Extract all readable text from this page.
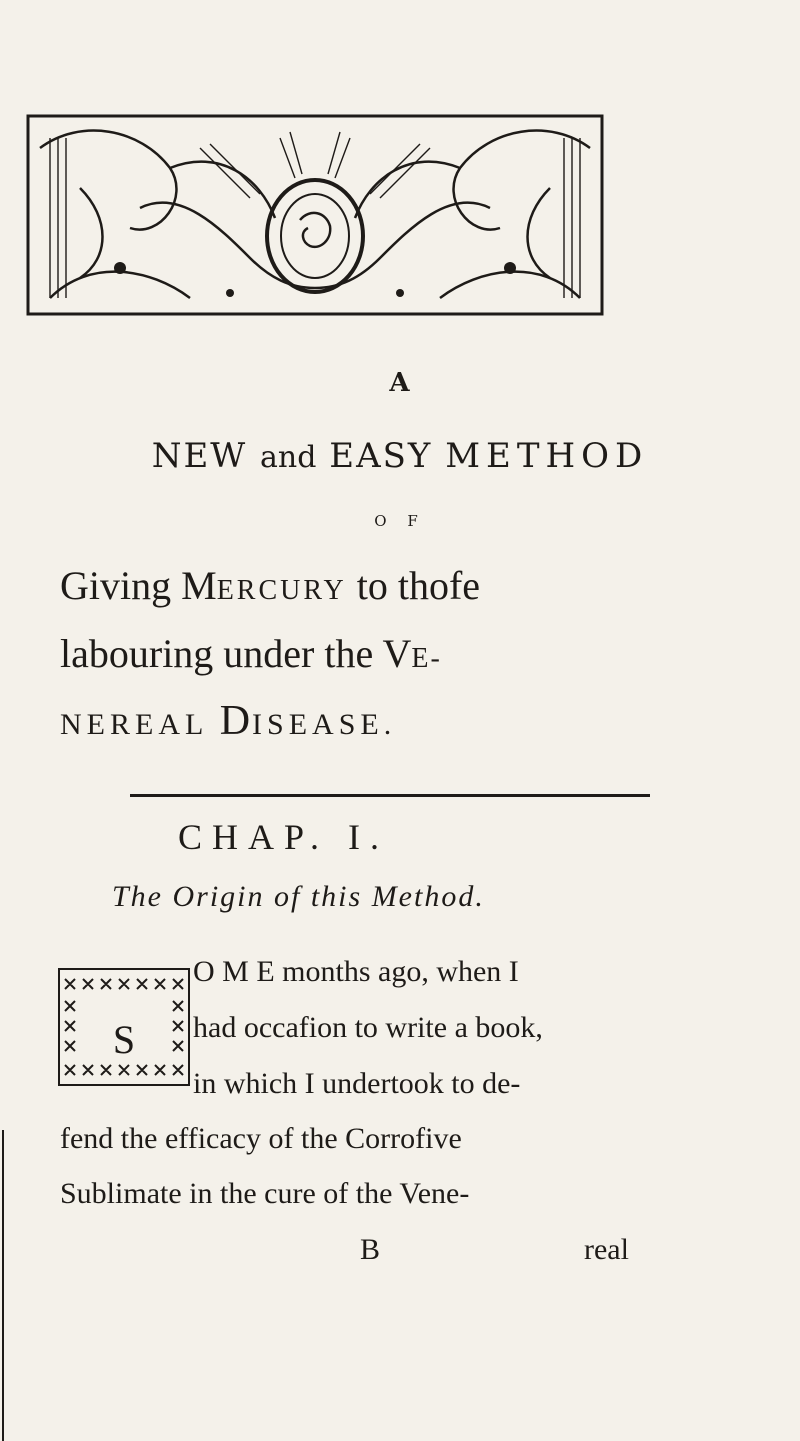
A
NEW and EASY METHOD
O F
Giving MERCURY to thofe
labouring under the VE-
NEREAL DISEASE.
CHAP. I.
The Origin of this Method.
S
O M E months ago, when I
had occafion to write a book,
in which I undertook to de-
fend the efficacy of the Corrofive
Sublimate in the cure of the Vene-
B	real
